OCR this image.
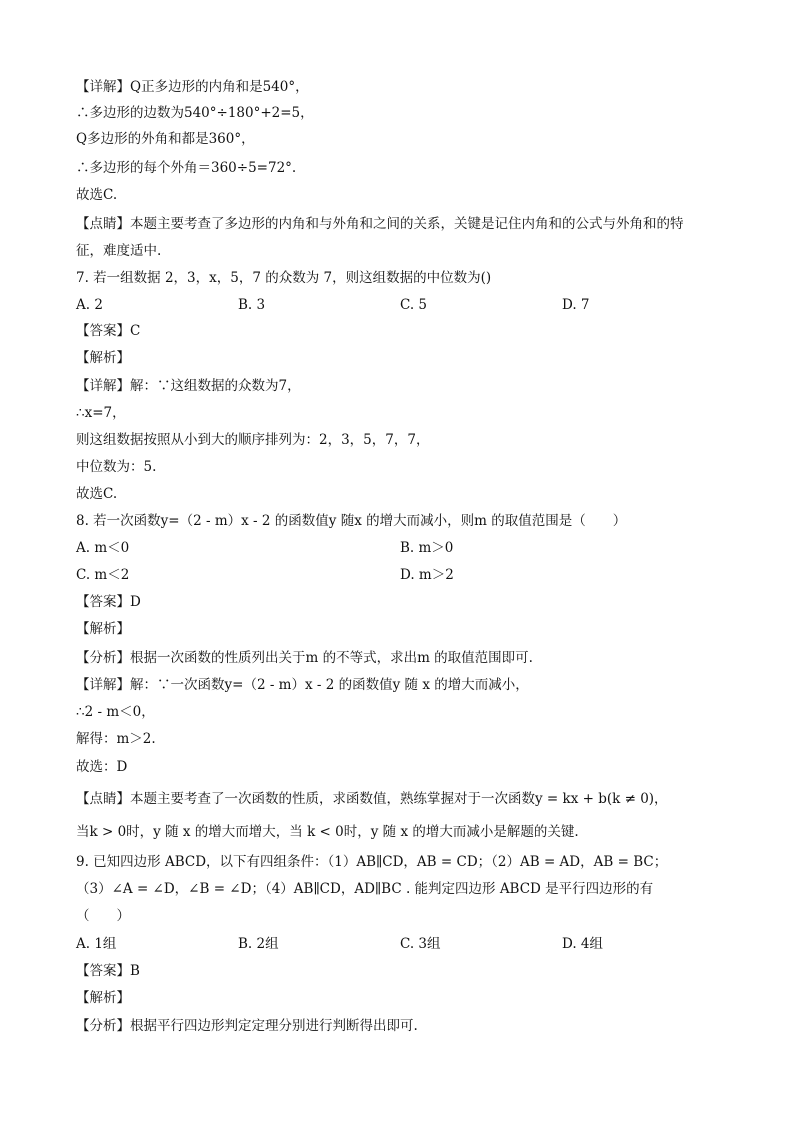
【详解】Q正多边形的内角和是540°，
∴多边形的边数为540°÷180°+2=5，
Q多边形的外角和都是360°，
∴多边形的每个外角＝360÷5=72°.
故选C.
【点睛】本题主要考查了多边形的内角和与外角和之间的关系，关键是记住内角和的公式与外角和的特
征，难度适中.
7. 若一组数据 2，3，x，5，7 的众数为 7，则这组数据的中位数为()
A. 2	B. 3	C. 5	D. 7
【答案】C
【解析】
【详解】解：∵这组数据的众数为7，
∴x=7，
则这组数据按照从小到大的顺序排列为：2，3，5，7，7，
中位数为：5.
故选C.
8. 若一次函数y=（2 - m）x - 2 的函数值y 随x 的增大而减小，则m 的取值范围是（　　）
A. m＜0	B. m＞0
C. m＜2	D. m＞2
【答案】D
【解析】
【分析】根据一次函数的性质列出关于m 的不等式，求出m 的取值范围即可.
【详解】解：∵一次函数y=（2 - m）x - 2 的函数值y 随 x 的增大而减小，
∴2 - m＜0，
解得：m＞2.
故选：D
【点睛】本题主要考查了一次函数的性质，求函数值，熟练掌握对于一次函数y = kx + b(k ≠ 0)，
当k > 0时，y 随 x 的增大而增大，当 k < 0时，y 随 x 的增大而减小是解题的关键.
9. 已知四边形 ABCD，以下有四组条件：（1）AB∥CD，AB = CD；（2）AB = AD，AB = BC；
（3）∠A = ∠D，∠B = ∠D；（4）AB∥CD，AD∥BC . 能判定四边形 ABCD 是平行四边形的有
（　　）
A. 1组	B. 2组	C. 3组	D. 4组
【答案】B
【解析】
【分析】根据平行四边形判定定理分别进行判断得出即可.
